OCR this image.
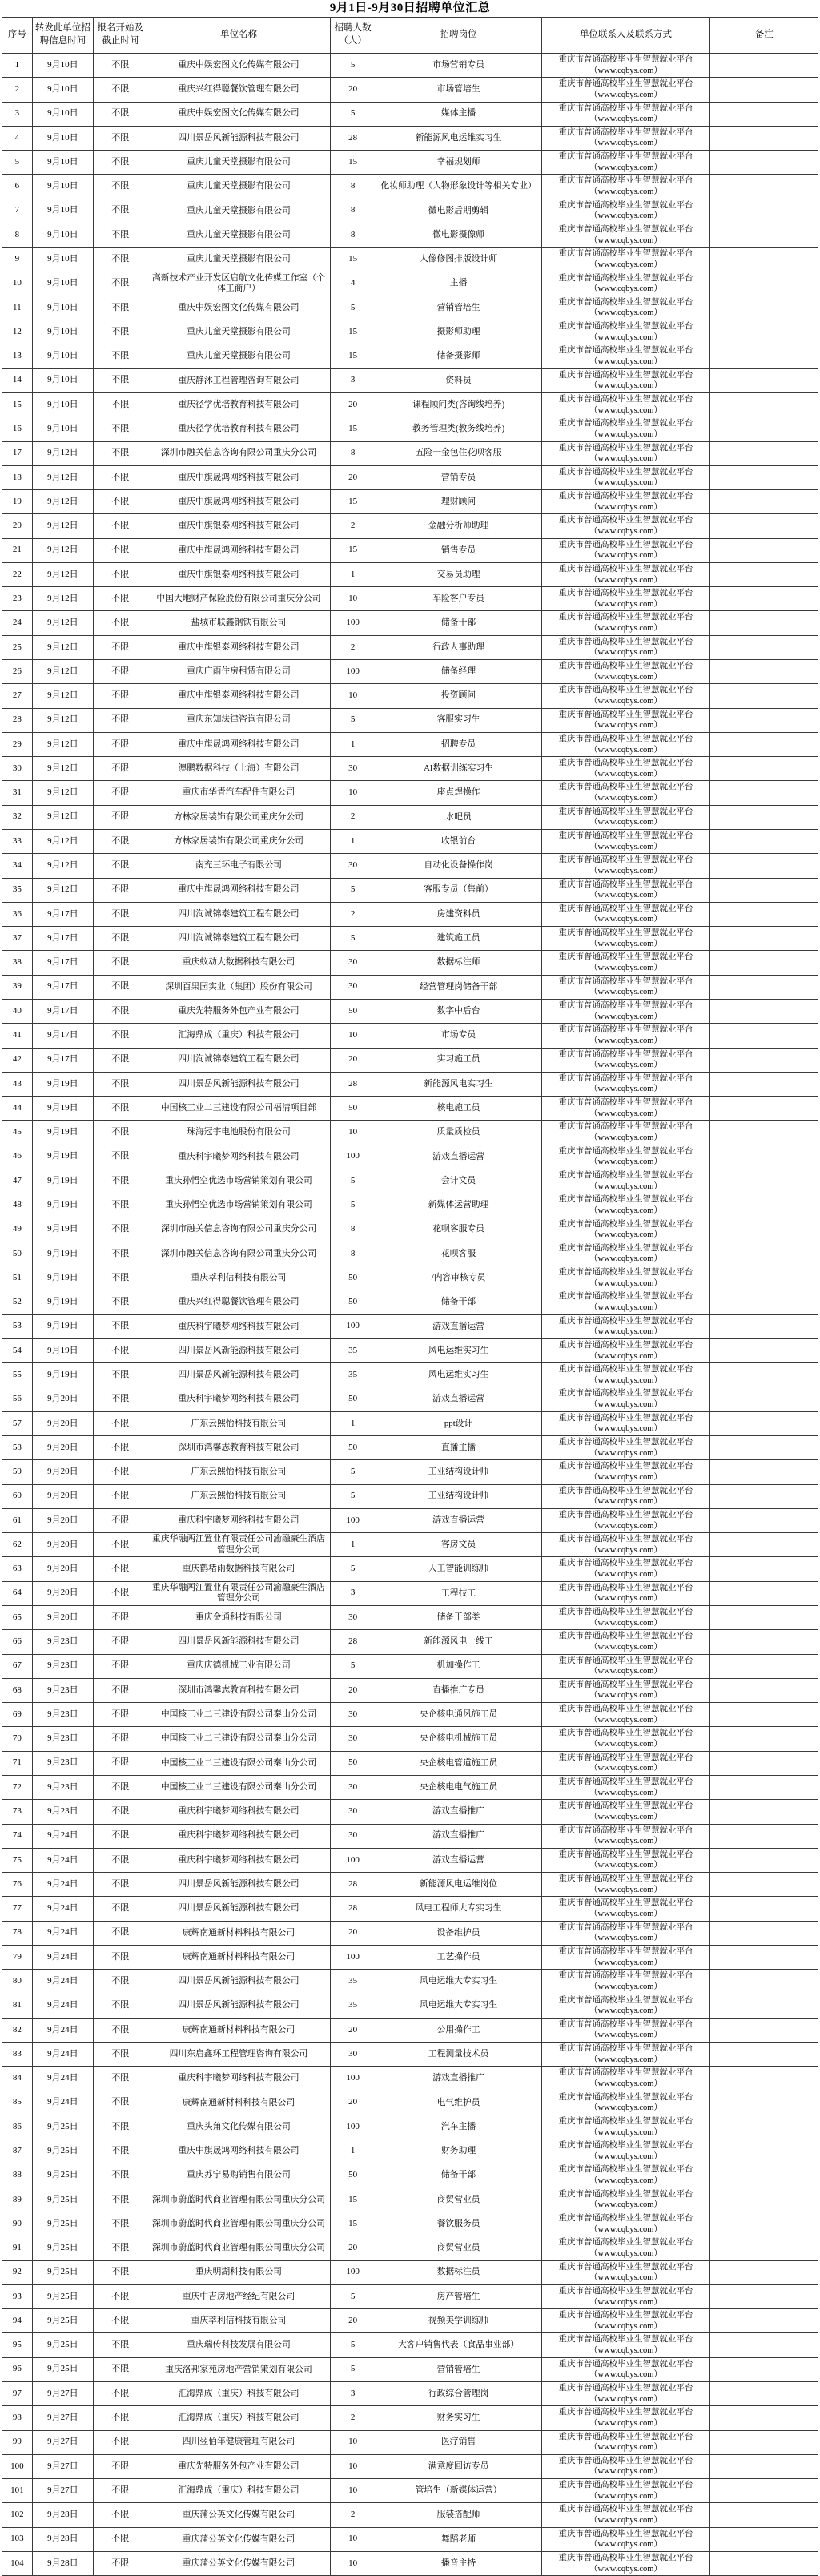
9月1日-9月30日招聘单位汇总
序号	转发此单位招聘信息时间	报名开始及截止时间	单位名称	招聘人数（人）	招聘岗位	单位联系人及联系方式	备注
1	9月10日	不限	重庆中娱宏图文化传媒有限公司	5	市场营销专员	重庆市普通高校毕业生智慧就业平台
（www.cqbys.com）	

2	9月10日	不限	重庆兴红得聪餐饮管理有限公司	20	市场管培生	重庆市普通高校毕业生智慧就业平台
（www.cqbys.com）	

3	9月10日	不限	重庆中娱宏图文化传媒有限公司	5	媒体主播	重庆市普通高校毕业生智慧就业平台
（www.cqbys.com）	

4	9月10日	不限	四川景岳风新能源科技有限公司	28	新能源风电运维实习生	重庆市普通高校毕业生智慧就业平台
（www.cqbys.com）	

5	9月10日	不限	重庆儿童天堂摄影有限公司	15	幸福规划师	重庆市普通高校毕业生智慧就业平台
（www.cqbys.com）	

6	9月10日	不限	重庆儿童天堂摄影有限公司	8	化妆师助理（人物形象设计等相关专业）	重庆市普通高校毕业生智慧就业平台
（www.cqbys.com）	

7	9月10日	不限	重庆儿童天堂摄影有限公司	8	微电影后期剪辑	重庆市普通高校毕业生智慧就业平台
（www.cqbys.com）	

8	9月10日	不限	重庆儿童天堂摄影有限公司	8	微电影摄像师	重庆市普通高校毕业生智慧就业平台
（www.cqbys.com）	

9	9月10日	不限	重庆儿童天堂摄影有限公司	15	人像修图排版设计师	重庆市普通高校毕业生智慧就业平台
（www.cqbys.com）	

10	9月10日	不限	高新技术产业开发区启航文化传媒工作室（个体工商户）	4	主播	重庆市普通高校毕业生智慧就业平台
（www.cqbys.com）	

11	9月10日	不限	重庆中娱宏图文化传媒有限公司	5	营销管培生	重庆市普通高校毕业生智慧就业平台
（www.cqbys.com）	

12	9月10日	不限	重庆儿童天堂摄影有限公司	15	摄影师助理	重庆市普通高校毕业生智慧就业平台
（www.cqbys.com）	

13	9月10日	不限	重庆儿童天堂摄影有限公司	15	储备摄影师	重庆市普通高校毕业生智慧就业平台
（www.cqbys.com）	

14	9月10日	不限	重庆静沐工程管理咨询有限公司	3	资料员	重庆市普通高校毕业生智慧就业平台
（www.cqbys.com）	

15	9月10日	不限	重庆径学优培教育科技有限公司	20	课程顾问类(咨询线培养)	重庆市普通高校毕业生智慧就业平台
（www.cqbys.com）	

16	9月10日	不限	重庆径学优培教育科技有限公司	15	教务管理类(教务线培养)	重庆市普通高校毕业生智慧就业平台
（www.cqbys.com）	

17	9月12日	不限	深圳市融关信息咨询有限公司重庆分公司	8	五险一金包住花呗客服	重庆市普通高校毕业生智慧就业平台
（www.cqbys.com）	

18	9月12日	不限	重庆中旗晟鸿网络科技有限公司	20	营销专员	重庆市普通高校毕业生智慧就业平台
（www.cqbys.com）	

19	9月12日	不限	重庆中旗晟鸿网络科技有限公司	15	理财顾问	重庆市普通高校毕业生智慧就业平台
（www.cqbys.com）	

20	9月12日	不限	重庆中旗银泰网络科技有限公司	2	金融分析师助理	重庆市普通高校毕业生智慧就业平台
（www.cqbys.com）	

21	9月12日	不限	重庆中旗晟鸿网络科技有限公司	15	销售专员	重庆市普通高校毕业生智慧就业平台
（www.cqbys.com）	

22	9月12日	不限	重庆中旗银泰网络科技有限公司	1	交易员助理	重庆市普通高校毕业生智慧就业平台
（www.cqbys.com）	

23	9月12日	不限	中国大地财产保险股份有限公司重庆分公司	10	车险客户专员	重庆市普通高校毕业生智慧就业平台
（www.cqbys.com）	

24	9月12日	不限	盐城市联鑫钢铁有限公司	100	储备干部	重庆市普通高校毕业生智慧就业平台
（www.cqbys.com）	

25	9月12日	不限	重庆中旗银泰网络科技有限公司	2	行政人事助理	重庆市普通高校毕业生智慧就业平台
（www.cqbys.com）	

26	9月12日	不限	重庆广雨住房租赁有限公司	100	储备经理	重庆市普通高校毕业生智慧就业平台
（www.cqbys.com）	

27	9月12日	不限	重庆中旗银泰网络科技有限公司	10	投资顾问	重庆市普通高校毕业生智慧就业平台
（www.cqbys.com）	

28	9月12日	不限	重庆东知法律咨询有限公司	5	客服实习生	重庆市普通高校毕业生智慧就业平台
（www.cqbys.com）	

29	9月12日	不限	重庆中旗晟鸿网络科技有限公司	1	招聘专员	重庆市普通高校毕业生智慧就业平台
（www.cqbys.com）	

30	9月12日	不限	澳鹏数据科技（上海）有限公司	30	AI数据训练实习生	重庆市普通高校毕业生智慧就业平台
（www.cqbys.com）	

31	9月12日	不限	重庆市华青汽车配件有限公司	10	座点焊操作	重庆市普通高校毕业生智慧就业平台
（www.cqbys.com）	

32	9月12日	不限	方林家居装饰有限公司重庆分公司	2	水吧员	重庆市普通高校毕业生智慧就业平台
（www.cqbys.com）	

33	9月12日	不限	方林家居装饰有限公司重庆分公司	1	收银前台	重庆市普通高校毕业生智慧就业平台
（www.cqbys.com）	

34	9月12日	不限	南充三环电子有限公司	30	自动化设备操作岗	重庆市普通高校毕业生智慧就业平台
（www.cqbys.com）	

35	9月12日	不限	重庆中旗晟鸿网络科技有限公司	5	客服专员（售前）	重庆市普通高校毕业生智慧就业平台
（www.cqbys.com）	

36	9月17日	不限	四川洵诚锦泰建筑工程有限公司	2	房建资料员	重庆市普通高校毕业生智慧就业平台
（www.cqbys.com）	

37	9月17日	不限	四川洵诚锦泰建筑工程有限公司	5	建筑施工员	重庆市普通高校毕业生智慧就业平台
（www.cqbys.com）	

38	9月17日	不限	重庆蚁动大数据科技有限公司	30	数据标注师	重庆市普通高校毕业生智慧就业平台
（www.cqbys.com）	

39	9月17日	不限	深圳百果园实业（集团）股份有限公司	30	经营管理岗储备干部	重庆市普通高校毕业生智慧就业平台
（www.cqbys.com）	

40	9月17日	不限	重庆先特服务外包产业有限公司	50	数字中后台	重庆市普通高校毕业生智慧就业平台
（www.cqbys.com）	

41	9月17日	不限	汇海鼎成（重庆）科技有限公司	10	市场专员	重庆市普通高校毕业生智慧就业平台
（www.cqbys.com）	

42	9月17日	不限	四川洵诚锦泰建筑工程有限公司	20	实习施工员	重庆市普通高校毕业生智慧就业平台
（www.cqbys.com）	

43	9月19日	不限	四川景岳风新能源科技有限公司	28	新能源风电实习生	重庆市普通高校毕业生智慧就业平台
（www.cqbys.com）	

44	9月19日	不限	中国核工业二三建设有限公司福清项目部	50	核电施工员	重庆市普通高校毕业生智慧就业平台
（www.cqbys.com）	

45	9月19日	不限	珠海冠宇电池股份有限公司	10	质量质检员	重庆市普通高校毕业生智慧就业平台
（www.cqbys.com）	

46	9月19日	不限	重庆科宇曦梦网络科技有限公司	100	游戏直播运营	重庆市普通高校毕业生智慧就业平台
（www.cqbys.com）	

47	9月19日	不限	重庆孙悟空优选市场营销策划有限公司	5	会计文员	重庆市普通高校毕业生智慧就业平台
（www.cqbys.com）	

48	9月19日	不限	重庆孙悟空优选市场营销策划有限公司	5	新媒体运营助理	重庆市普通高校毕业生智慧就业平台
（www.cqbys.com）	

49	9月19日	不限	深圳市融关信息咨询有限公司重庆分公司	8	花呗客服专员	重庆市普通高校毕业生智慧就业平台
（www.cqbys.com）	

50	9月19日	不限	深圳市融关信息咨询有限公司重庆分公司	8	花呗客服	重庆市普通高校毕业生智慧就业平台
（www.cqbys.com）	

51	9月19日	不限	重庆萃利信科技有限公司	50	/内容审核专员	重庆市普通高校毕业生智慧就业平台
（www.cqbys.com）	

52	9月19日	不限	重庆兴红得聪餐饮管理有限公司	50	储备干部	重庆市普通高校毕业生智慧就业平台
（www.cqbys.com）	

53	9月19日	不限	重庆科宇曦梦网络科技有限公司	100	游戏直播运营	重庆市普通高校毕业生智慧就业平台
（www.cqbys.com）	

54	9月19日	不限	四川景岳风新能源科技有限公司	35	风电运维实习生	重庆市普通高校毕业生智慧就业平台
（www.cqbys.com）	

55	9月19日	不限	四川景岳风新能源科技有限公司	35	风电运维实习生	重庆市普通高校毕业生智慧就业平台
（www.cqbys.com）	

56	9月20日	不限	重庆科宇曦梦网络科技有限公司	50	游戏直播运营	重庆市普通高校毕业生智慧就业平台
（www.cqbys.com）	

57	9月20日	不限	广东云熙怡科技有限公司	1	ppt设计	重庆市普通高校毕业生智慧就业平台
（www.cqbys.com）	

58	9月20日	不限	深圳市鸿馨志教育科技有限公司	50	直播主播	重庆市普通高校毕业生智慧就业平台
（www.cqbys.com）	

59	9月20日	不限	广东云熙怡科技有限公司	5	工业结构设计师	重庆市普通高校毕业生智慧就业平台
（www.cqbys.com）	

60	9月20日	不限	广东云熙怡科技有限公司	5	工业结构设计师	重庆市普通高校毕业生智慧就业平台
（www.cqbys.com）	

61	9月20日	不限	重庆科宇曦梦网络科技有限公司	100	游戏直播运营	重庆市普通高校毕业生智慧就业平台
（www.cqbys.com）	

62	9月20日	不限	重庆华融两江置业有限责任公司渝融豪生酒店管理分公司	1	客房文员	重庆市普通高校毕业生智慧就业平台
（www.cqbys.com）	

63	9月20日	不限	重庆鹤堵雨数据科技有限公司	5	人工智能训练师	重庆市普通高校毕业生智慧就业平台
（www.cqbys.com）	

64	9月20日	不限	重庆华融两江置业有限责任公司渝融豪生酒店管理分公司	3	工程技工	重庆市普通高校毕业生智慧就业平台
（www.cqbys.com）	

65	9月20日	不限	重庆金通科技有限公司	30	储备干部类	重庆市普通高校毕业生智慧就业平台
（www.cqbys.com）	

66	9月23日	不限	四川景岳风新能源科技有限公司	28	新能源风电一线工	重庆市普通高校毕业生智慧就业平台
（www.cqbys.com）	

67	9月23日	不限	重庆庆德机械工业有限公司	5	机加操作工	重庆市普通高校毕业生智慧就业平台
（www.cqbys.com）	

68	9月23日	不限	深圳市鸿馨志教育科技有限公司	20	直播推广专员	重庆市普通高校毕业生智慧就业平台
（www.cqbys.com）	

69	9月23日	不限	中国核工业二三建设有限公司秦山分公司	30	央企核电通风施工员	重庆市普通高校毕业生智慧就业平台
（www.cqbys.com）	

70	9月23日	不限	中国核工业二三建设有限公司秦山分公司	30	央企核电机械施工员	重庆市普通高校毕业生智慧就业平台
（www.cqbys.com）	

71	9月23日	不限	中国核工业二三建设有限公司秦山分公司	50	央企核电管道施工员	重庆市普通高校毕业生智慧就业平台
（www.cqbys.com）	

72	9月23日	不限	中国核工业二三建设有限公司秦山分公司	30	央企核电电气施工员	重庆市普通高校毕业生智慧就业平台
（www.cqbys.com）	

73	9月23日	不限	重庆科宇曦梦网络科技有限公司	30	游戏直播推广	重庆市普通高校毕业生智慧就业平台
（www.cqbys.com）	

74	9月24日	不限	重庆科宇曦梦网络科技有限公司	30	游戏直播推广	重庆市普通高校毕业生智慧就业平台
（www.cqbys.com）	

75	9月24日	不限	重庆科宇曦梦网络科技有限公司	100	游戏直播运营	重庆市普通高校毕业生智慧就业平台
（www.cqbys.com）	

76	9月24日	不限	四川景岳风新能源科技有限公司	28	新能源风电运维岗位	重庆市普通高校毕业生智慧就业平台
（www.cqbys.com）	

77	9月24日	不限	四川景岳风新能源科技有限公司	28	风电工程师大专实习生	重庆市普通高校毕业生智慧就业平台
（www.cqbys.com）	

78	9月24日	不限	康辉南通新材料科技有限公司	20	设备维护员	重庆市普通高校毕业生智慧就业平台
（www.cqbys.com）	

79	9月24日	不限	康辉南通新材料科技有限公司	100	工艺操作员	重庆市普通高校毕业生智慧就业平台
（www.cqbys.com）	

80	9月24日	不限	四川景岳风新能源科技有限公司	35	风电运维大专实习生	重庆市普通高校毕业生智慧就业平台
（www.cqbys.com）	

81	9月24日	不限	四川景岳风新能源科技有限公司	35	风电运维大专实习生	重庆市普通高校毕业生智慧就业平台
（www.cqbys.com）	

82	9月24日	不限	康辉南通新材料科技有限公司	20	公用操作工	重庆市普通高校毕业生智慧就业平台
（www.cqbys.com）	

83	9月24日	不限	四川东启鑫环工程管理咨询有限公司	30	工程测量技术员	重庆市普通高校毕业生智慧就业平台
（www.cqbys.com）	

84	9月24日	不限	重庆科宇曦梦网络科技有限公司	100	游戏直播推广	重庆市普通高校毕业生智慧就业平台
（www.cqbys.com）	

85	9月24日	不限	康辉南通新材料科技有限公司	20	电气维护员	重庆市普通高校毕业生智慧就业平台
（www.cqbys.com）	

86	9月25日	不限	重庆头角文化传媒有限公司	100	汽车主播	重庆市普通高校毕业生智慧就业平台
（www.cqbys.com）	

87	9月25日	不限	重庆中旗晟鸿网络科技有限公司	1	财务助理	重庆市普通高校毕业生智慧就业平台
（www.cqbys.com）	

88	9月25日	不限	重庆苏宁易购销售有限公司	50	储备干部	重庆市普通高校毕业生智慧就业平台
（www.cqbys.com）	

89	9月25日	不限	深圳市蔚蓝时代商业管理有限公司重庆分公司	15	商贸营业员	重庆市普通高校毕业生智慧就业平台
（www.cqbys.com）	

90	9月25日	不限	深圳市蔚蓝时代商业管理有限公司重庆分公司	15	餐饮服务员	重庆市普通高校毕业生智慧就业平台
（www.cqbys.com）	

91	9月25日	不限	深圳市蔚蓝时代商业管理有限公司重庆分公司	20	商贸营业员	重庆市普通高校毕业生智慧就业平台
（www.cqbys.com）	

92	9月25日	不限	重庆明湖科技有限公司	100	数据标注员	重庆市普通高校毕业生智慧就业平台
（www.cqbys.com）	

93	9月25日	不限	重庆中吉房地产经纪有限公司	5	房产管培生	重庆市普通高校毕业生智慧就业平台
（www.cqbys.com）	

94	9月25日	不限	重庆萃利信科技有限公司	20	视频美学训练师	重庆市普通高校毕业生智慧就业平台
（www.cqbys.com）	

95	9月25日	不限	重庆瑞传科技发展有限公司	5	大客户销售代表（食品事业部）	重庆市普通高校毕业生智慧就业平台
（www.cqbys.com）	

96	9月25日	不限	重庆洛邦家苑房地产营销策划有限公司	5	营销管培生	重庆市普通高校毕业生智慧就业平台
（www.cqbys.com）	

97	9月27日	不限	汇海鼎成（重庆）科技有限公司	3	行政综合管理岗	重庆市普通高校毕业生智慧就业平台
（www.cqbys.com）	

98	9月27日	不限	汇海鼎成（重庆）科技有限公司	2	财务实习生	重庆市普通高校毕业生智慧就业平台
（www.cqbys.com）	

99	9月27日	不限	四川翌佰年健康管理有限公司	10	医疗销售	重庆市普通高校毕业生智慧就业平台
（www.cqbys.com）	

100	9月27日	不限	重庆先特服务外包产业有限公司	10	满意度回访专员	重庆市普通高校毕业生智慧就业平台
（www.cqbys.com）	

101	9月27日	不限	汇海鼎成（重庆）科技有限公司	10	管培生（新媒体运营）	重庆市普通高校毕业生智慧就业平台
（www.cqbys.com）	

102	9月28日	不限	重庆蒲公英文化传媒有限公司	2	服装搭配师	重庆市普通高校毕业生智慧就业平台
（www.cqbys.com）	

103	9月28日	不限	重庆蒲公英文化传媒有限公司	10	舞蹈老师	重庆市普通高校毕业生智慧就业平台
（www.cqbys.com）	

104	9月28日	不限	重庆蒲公英文化传媒有限公司	10	播音主持	重庆市普通高校毕业生智慧就业平台
（www.cqbys.com）	
